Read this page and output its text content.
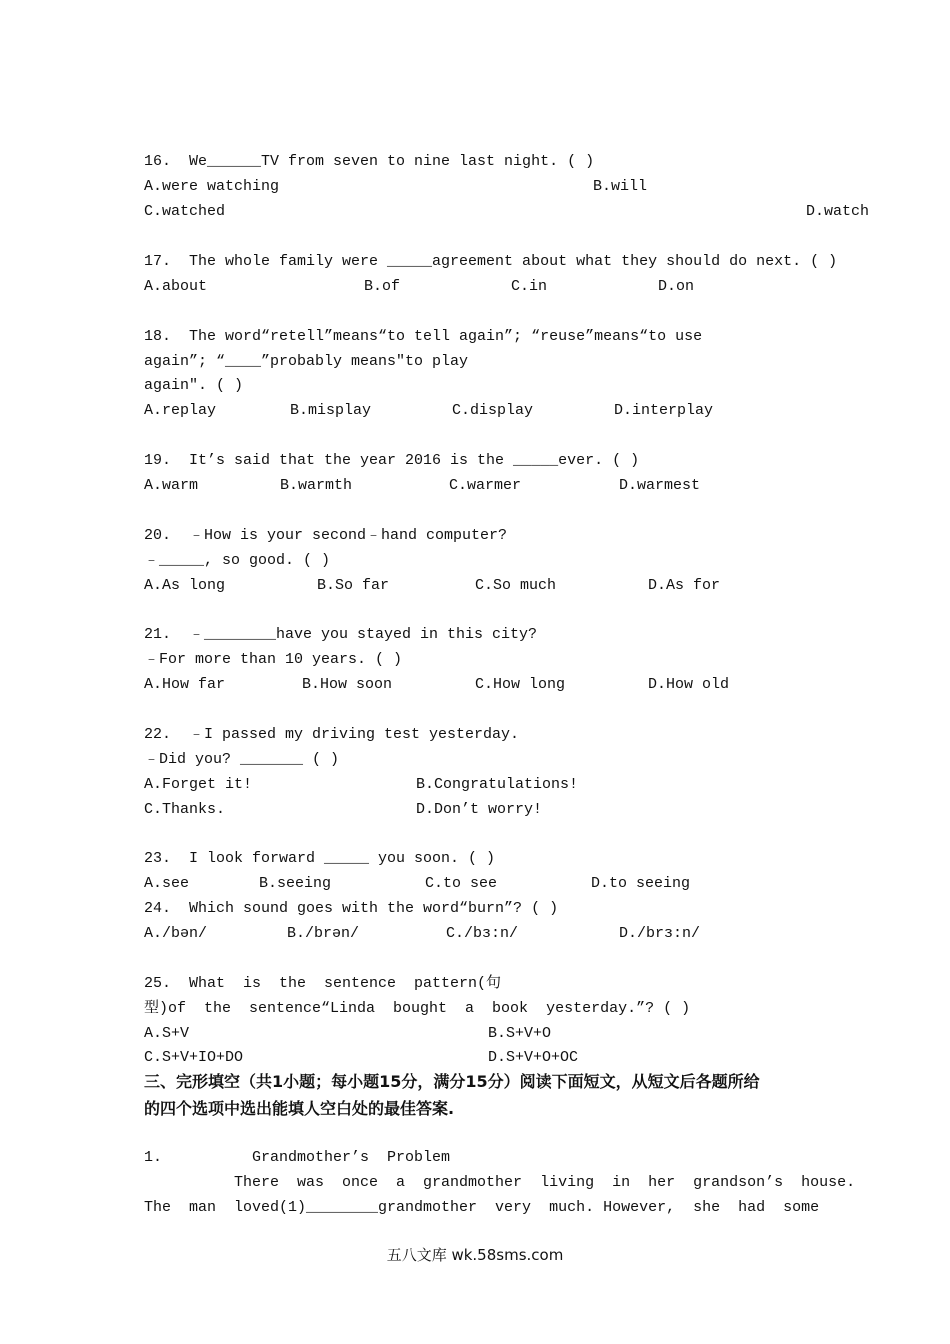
16.  We______TV from seven to nine last night. ( )
A.were watching	B.will
C.watched	D.watch
17.  The whole family were _____agreement about what they should do next. ( )
A.about	B.of	C.in	D.on
18.  The word“retell”means“to tell again”; “reuse”means“to use
again”; “____”probably means"to play
again". ( )
A.replay	B.misplay	C.display	D.interplay
19.  It’s said that the year 2016 is the _____ever. ( )
A.warm	B.warmth	C.warmer	D.warmest
20.  ﹣How is your second﹣hand computer?
﹣_____, so good. ( )
A.As long	B.So far	C.So much	D.As for
21.  ﹣________have you stayed in this city?
﹣For more than 10 years. ( )
A.How far	B.How soon	C.How long	D.How old
22.  ﹣I passed my driving test yesterday.
﹣Did you? _______ ( )
A.Forget it!	B.Congratulations!
C.Thanks.	D.Don’t worry!
23.  I look forward _____ you soon. ( )
A.see	B.seeing	C.to see	D.to seeing
24.  Which sound goes with the word“burn”? ( )
A./bən/	B./brən/	C./bɜ:n/	D./brɜ:n/
25.  What  is  the  sentence  pattern(句
型)of  the  sentence“Linda  bought  a  book  yesterday.”? ( )
A.S+V	B.S+V+O
C.S+V+IO+DO	D.S+V+O+OC
三、完形填空（共1小题；每小题15分，满分15分）阅读下面短文，从短文后各题所给
的四个选项中选出能填人空白处的最佳答案.
1.          Grandmother’s  Problem
There  was  once  a  grandmother  living  in  her  grandson’s  house.
The  man  loved(1)________grandmother  very  much. However,  she  had  some
五八文库 wk.58sms.com
